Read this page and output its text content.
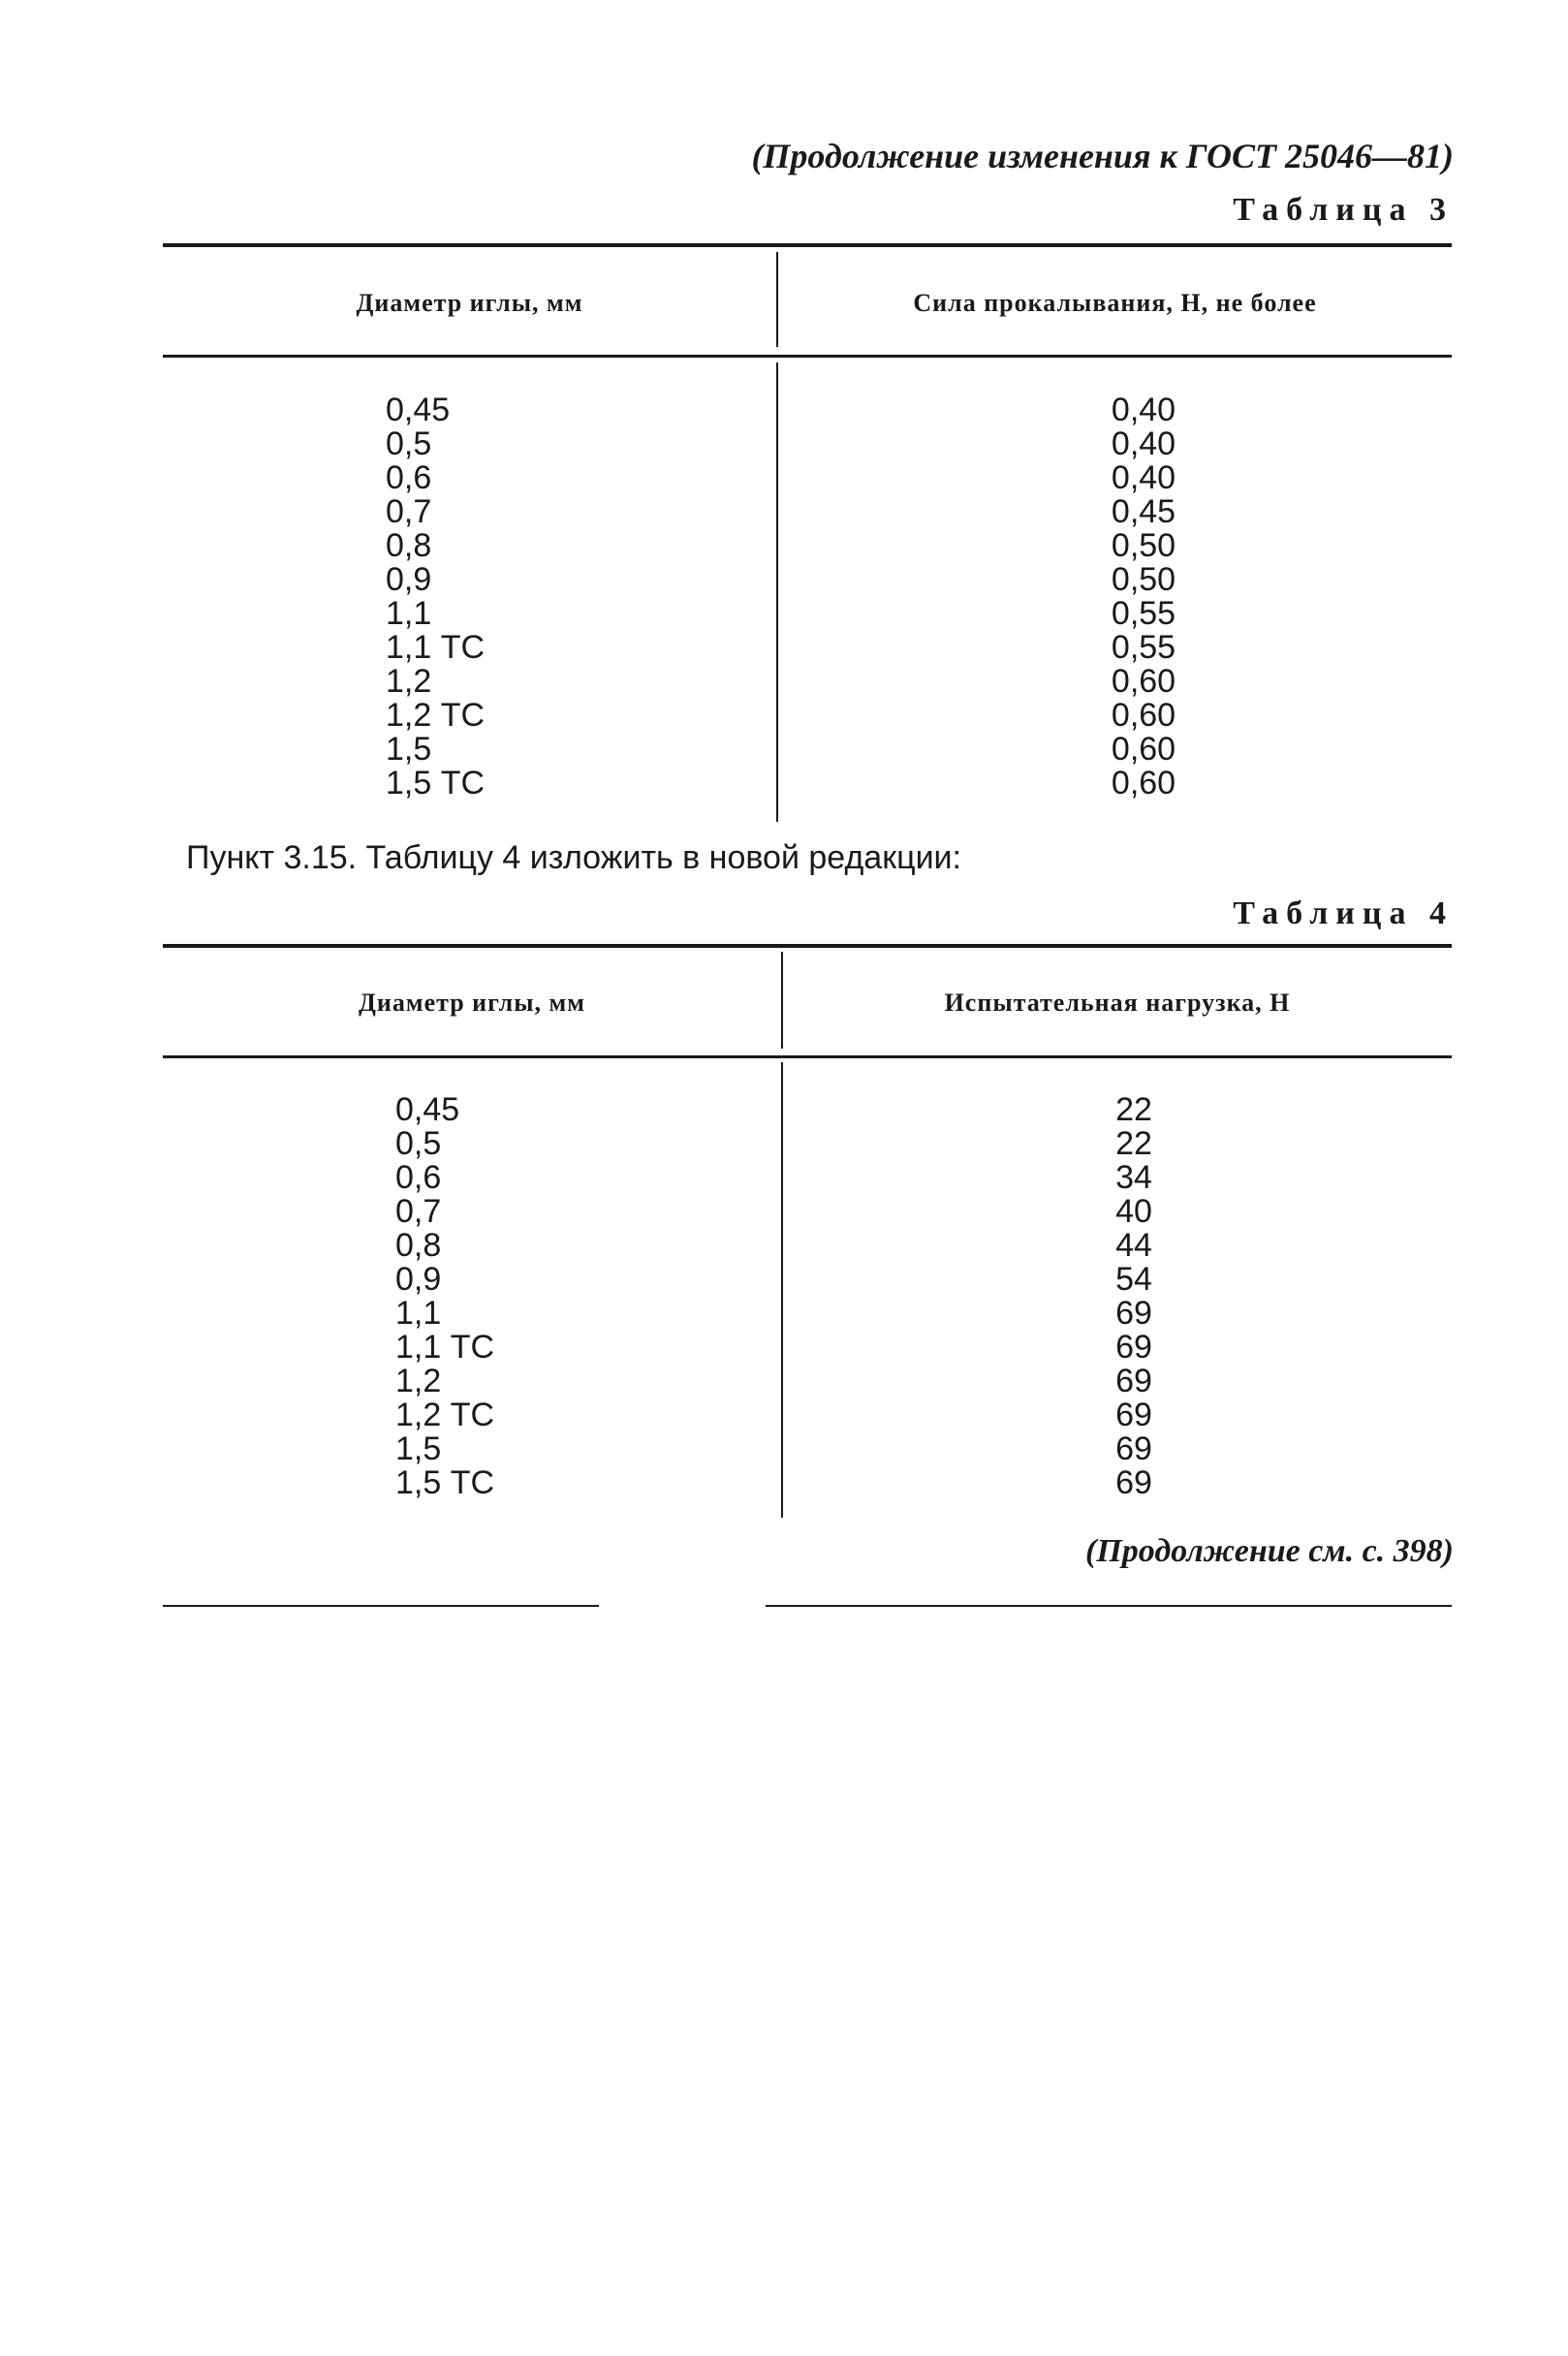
(Продолжение изменения к ГОСТ 25046—81)
Таблица 3
Диаметр иглы, мм	Сила прокалывания, Н, не более
0,45
0,5
0,6
0,7
0,8
0,9
1,1
1,1 ТС
1,2
1,2 ТС
1,5
1,5 ТС
0,40
0,40
0,40
0,45
0,50
0,50
0,55
0,55
0,60
0,60
0,60
0,60
Пункт 3.15. Таблицу 4 изложить в новой редакции:
Таблица 4
Диаметр иглы, мм	Испытательная нагрузка, Н
0,45
0,5
0,6
0,7
0,8
0,9
1,1
1,1 ТС
1,2
1,2 ТС
1,5
1,5 ТС
22
22
34
40
44
54
69
69
69
69
69
69
(Продолжение см. с. 398)
